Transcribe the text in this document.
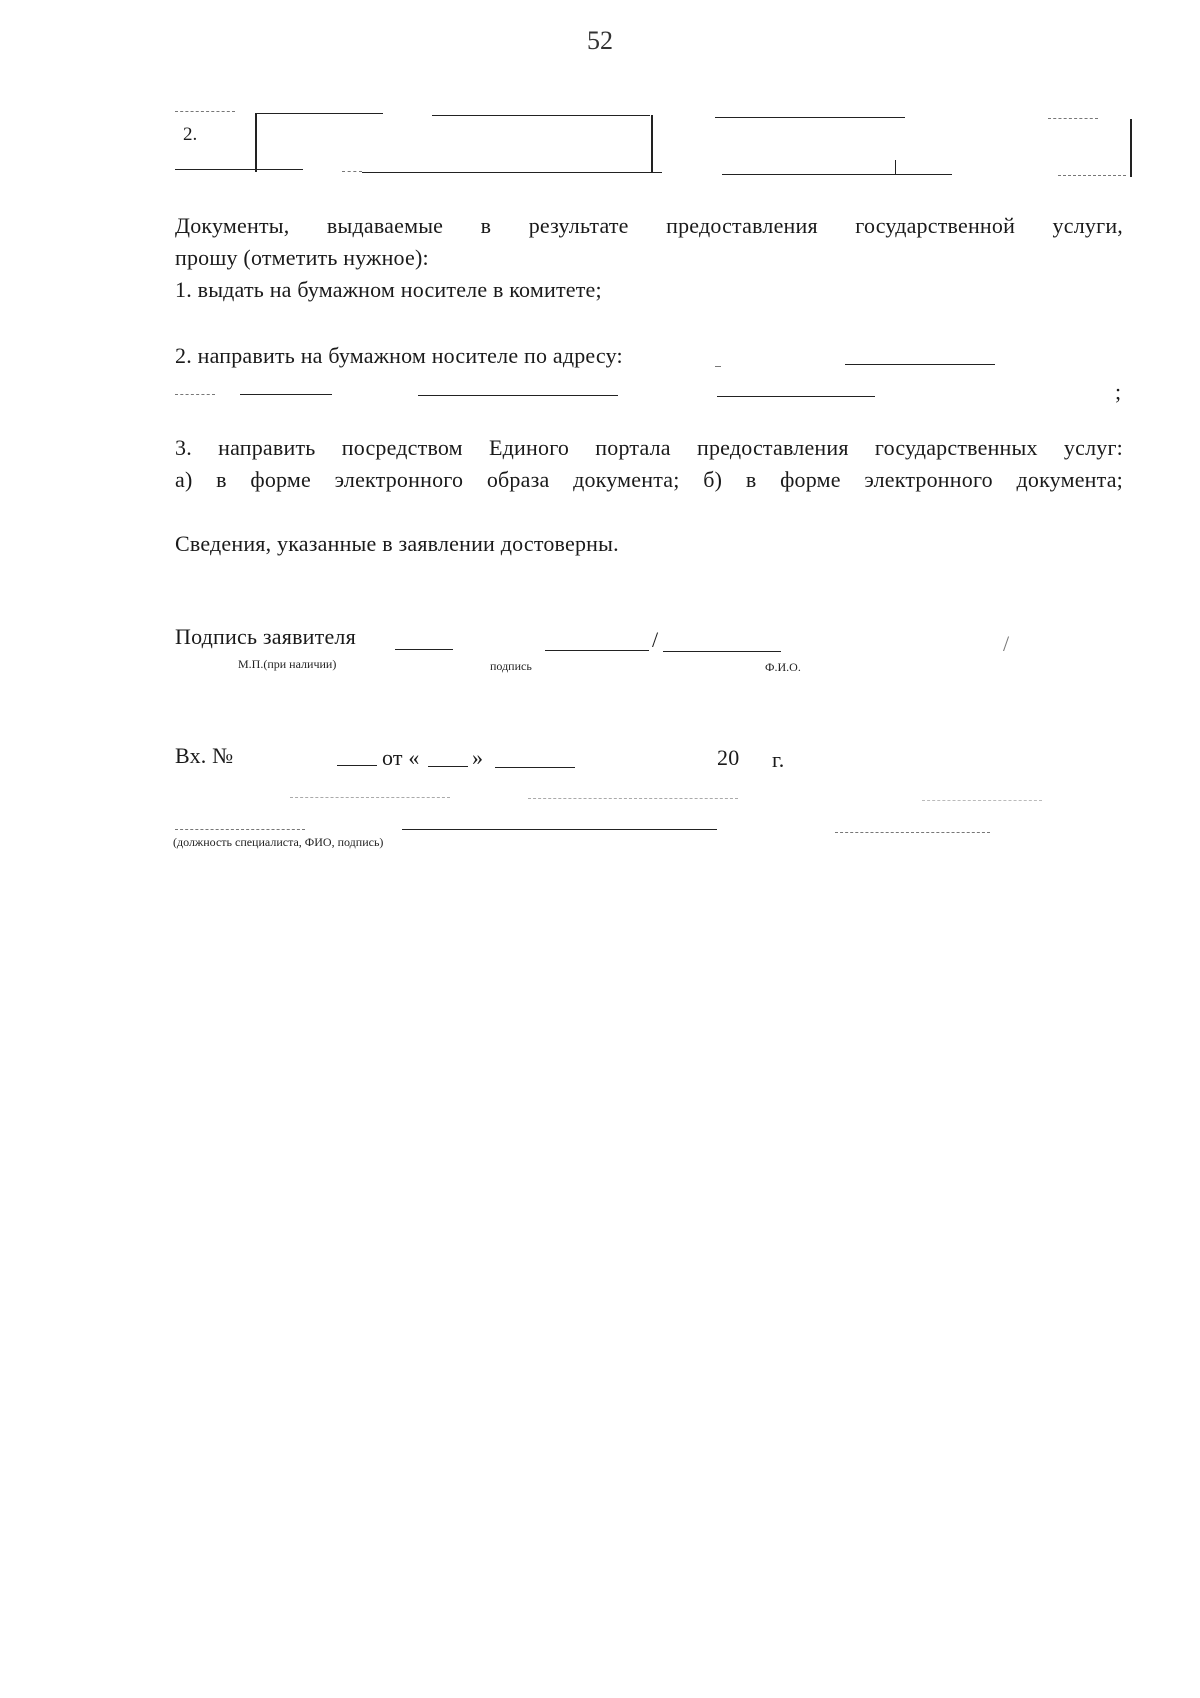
52
2.
Документы, выдаваемые в результате предоставления государственной услуги,
прошу (отметить нужное):
1. выдать на бумажном носителе в комитете;
2. направить на бумажном носителе по адресу:
;
3. направить посредством Единого портала предоставления государственных услуг:
а) в форме электронного образа документа; б) в форме электронного документа;
Сведения, указанные в заявлении достоверны.
Подпись заявителя	/	/
М.П.(при наличии)	подпись	Ф.И.О.
Вх. №	от « »	20 г.
(должность специалиста, ФИО, подпись)
